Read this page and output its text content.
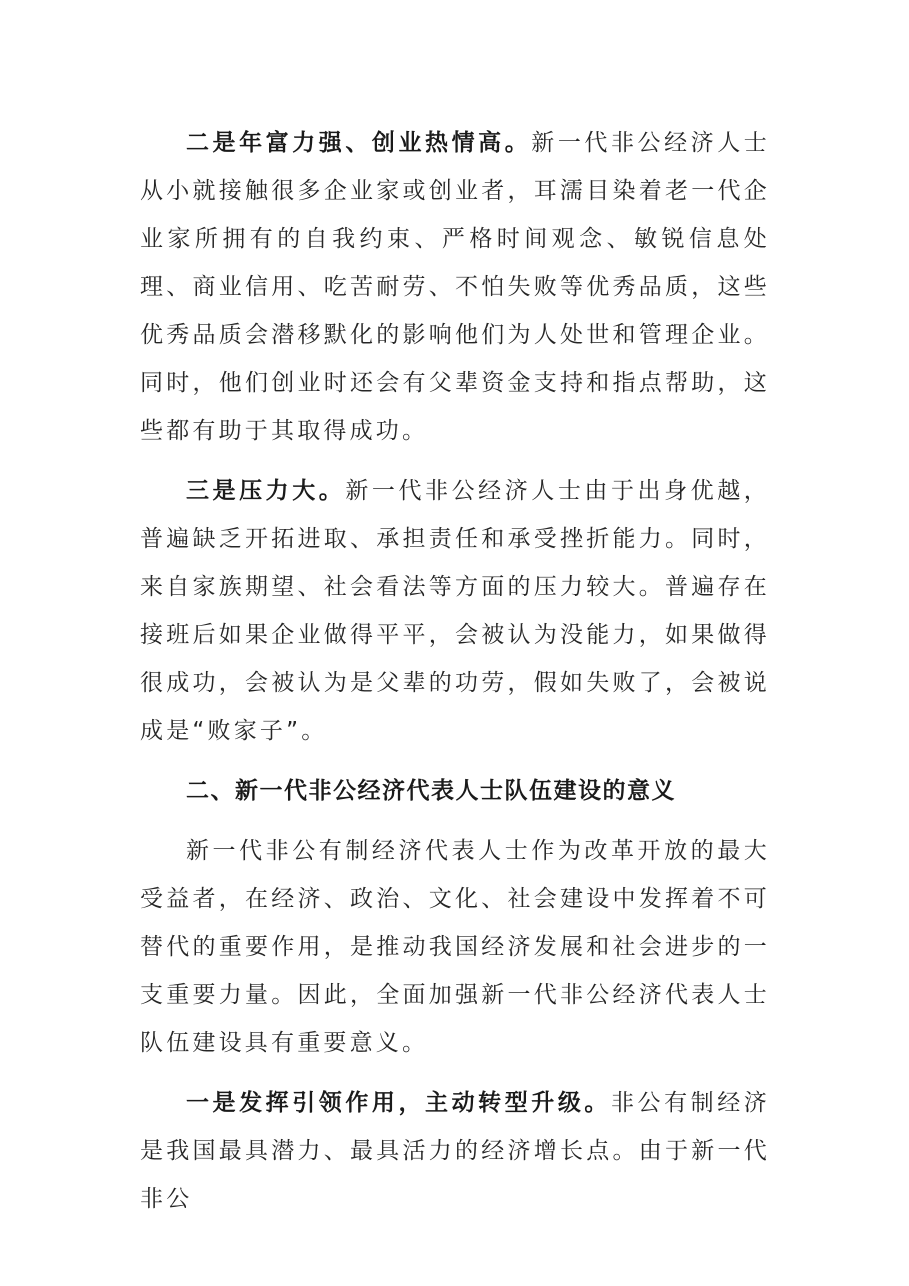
二是年富力强、创业热情高。新一代非公经济人士从小就接触很多企业家或创业者，耳濡目染着老一代企业家所拥有的自我约束、严格时间观念、敏锐信息处理、商业信用、吃苦耐劳、不怕失败等优秀品质，这些优秀品质会潜移默化的影响他们为人处世和管理企业。同时，他们创业时还会有父辈资金支持和指点帮助，这些都有助于其取得成功。

三是压力大。新一代非公经济人士由于出身优越，普遍缺乏开拓进取、承担责任和承受挫折能力。同时，来自家族期望、社会看法等方面的压力较大。普遍存在接班后如果企业做得平平，会被认为没能力，如果做得很成功，会被认为是父辈的功劳，假如失败了，会被说成是“败家子”。

二、新一代非公经济代表人士队伍建设的意义

新一代非公有制经济代表人士作为改革开放的最大受益者，在经济、政治、文化、社会建设中发挥着不可替代的重要作用，是推动我国经济发展和社会进步的一支重要力量。因此，全面加强新一代非公经济代表人士队伍建设具有重要意义。

一是发挥引领作用，主动转型升级。非公有制经济是我国最具潜力、最具活力的经济增长点。由于新一代非公
